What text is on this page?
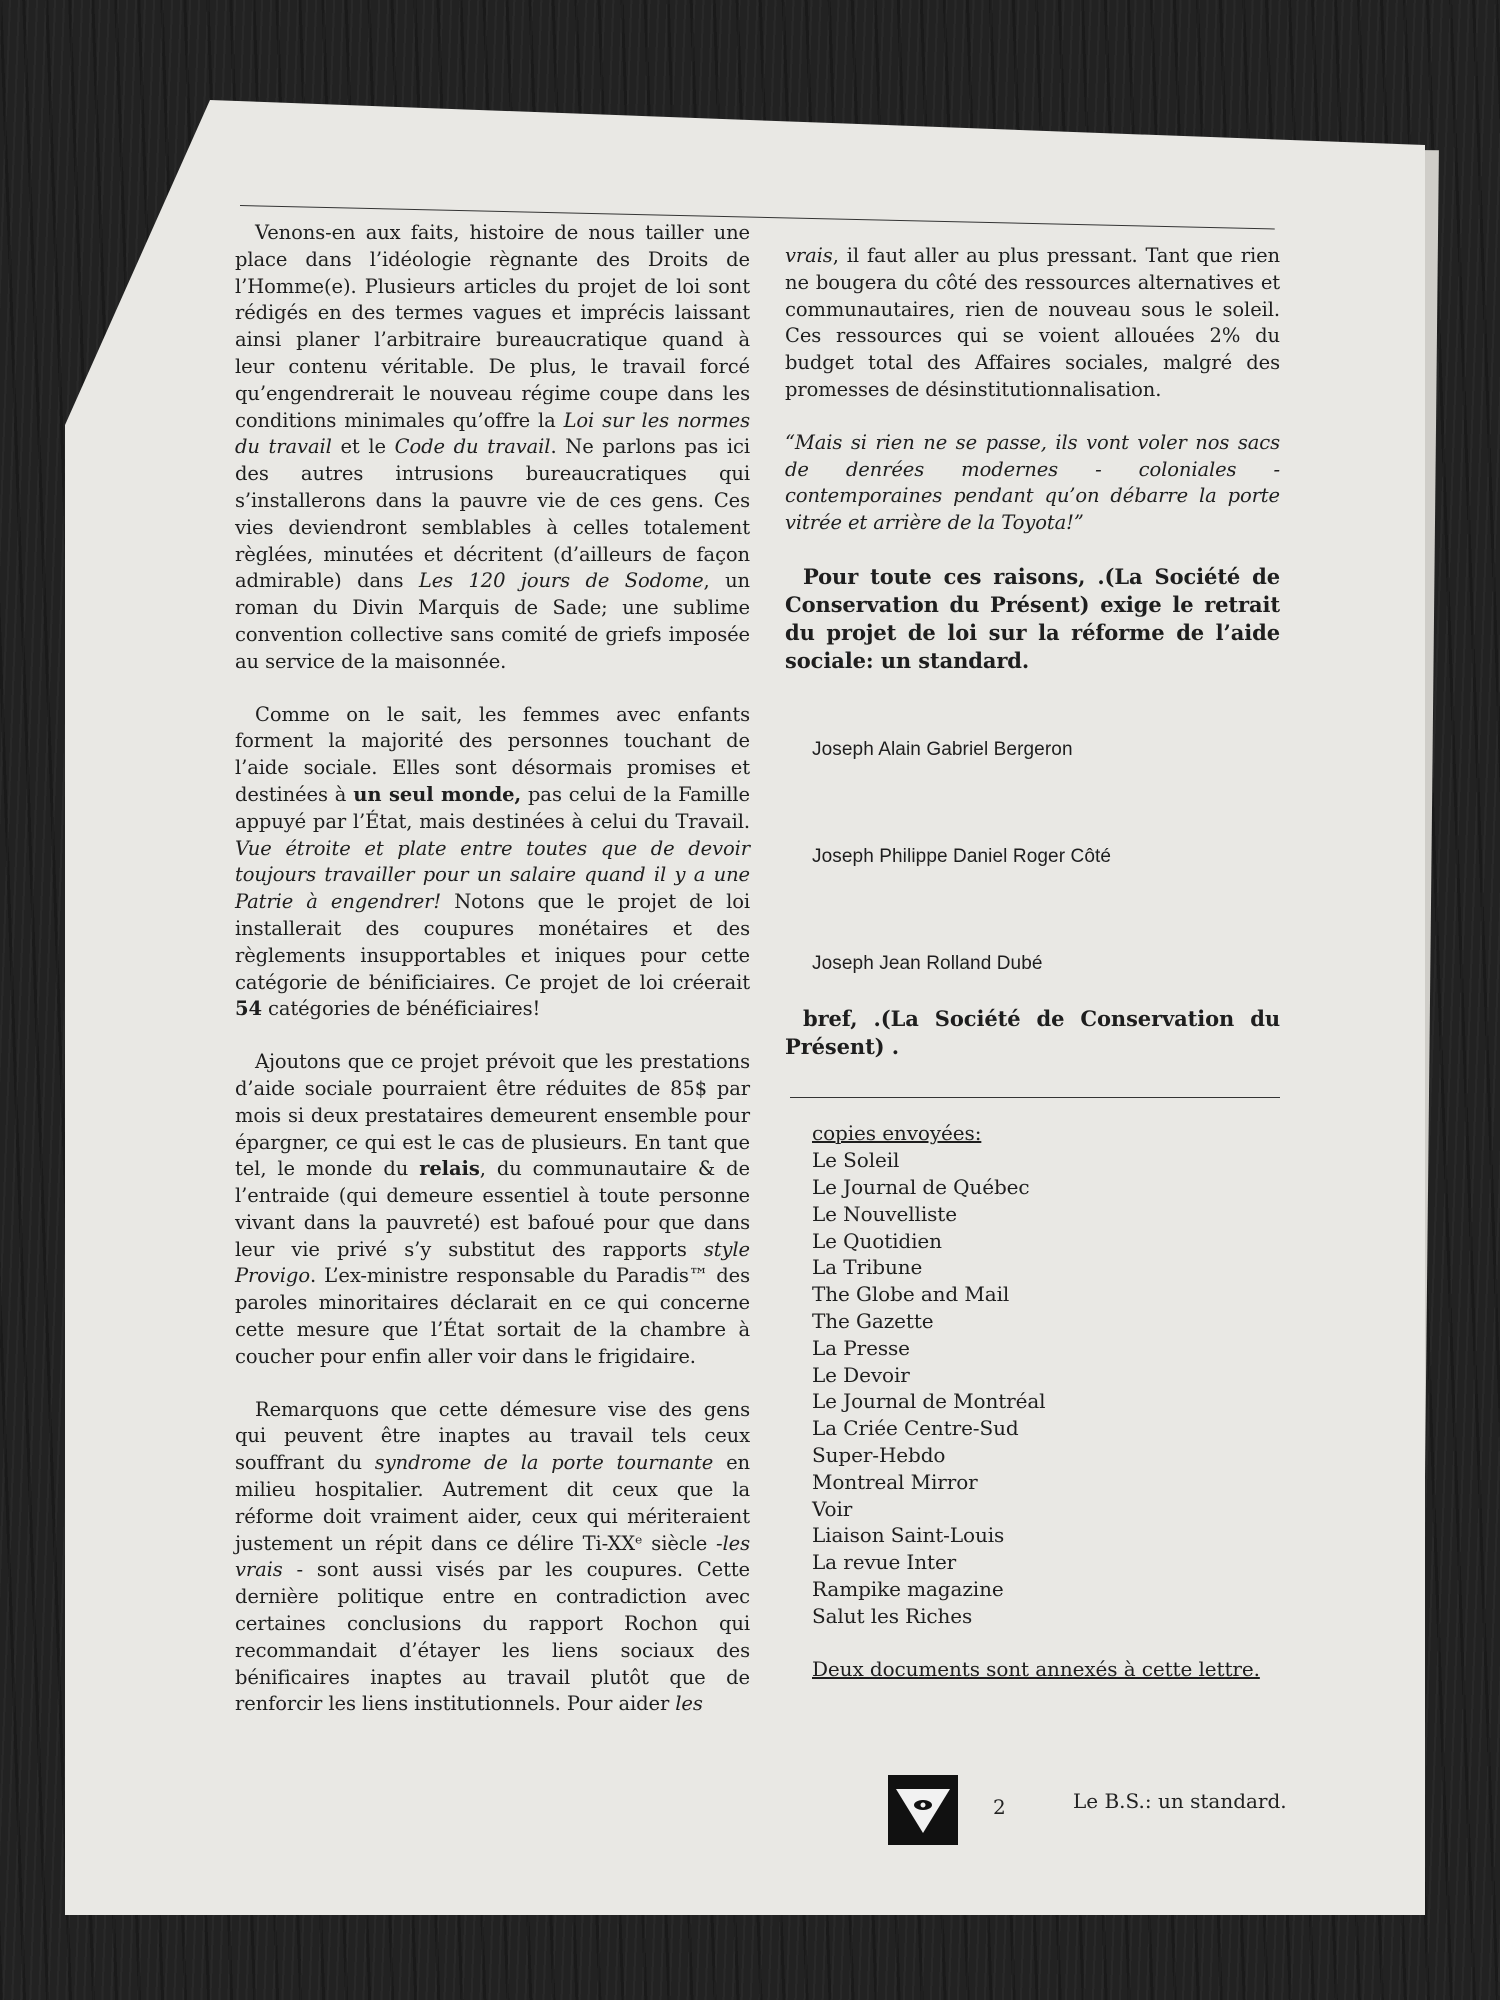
Venons-en aux faits, histoire de nous tailler une place dans l’idéologie règnante des Droits de l’Homme(e). Plusieurs articles du projet de loi sont rédigés en des termes vagues et imprécis laissant ainsi planer l’arbitraire bureaucratique quand à leur contenu véritable. De plus, le travail forcé qu’engendrerait le nouveau régime coupe dans les conditions minimales qu’offre la Loi sur les normes du travail et le Code du travail. Ne parlons pas ici des autres intrusions bureaucratiques qui s’installerons dans la pauvre vie de ces gens. Ces vies deviendront semblables à celles totalement règlées, minutées et décritent (d’ailleurs de façon admirable) dans Les 120 jours de Sodome, un roman du Divin Marquis de Sade; une sublime convention collective sans comité de griefs imposée au service de la maisonnée.

Comme on le sait, les femmes avec enfants forment la majorité des personnes touchant de l’aide sociale. Elles sont désormais promises et destinées à un seul monde, pas celui de la Famille appuyé par l’État, mais destinées à celui du Travail. Vue étroite et plate entre toutes que de devoir toujours travailler pour un salaire quand il y a une Patrie à engendrer! Notons que le projet de loi installerait des coupures monétaires et des règlements insupportables et iniques pour cette catégorie de bénificiaires. Ce projet de loi créerait 54 catégories de bénéficiaires!

Ajoutons que ce projet prévoit que les prestations d’aide sociale pourraient être réduites de 85$ par mois si deux prestataires demeurent ensemble pour épargner, ce qui est le cas de plusieurs. En tant que tel, le monde du relais, du communautaire & de l’entraide (qui demeure essentiel à toute personne vivant dans la pauvreté) est bafoué pour que dans leur vie privé s’y substitut des rapports style Provigo. L’ex-ministre responsable du Paradis™ des paroles minoritaires déclarait en ce qui concerne cette mesure que l’État sortait de la chambre à coucher pour enfin aller voir dans le frigidaire.

Remarquons que cette démesure vise des gens qui peuvent être inaptes au travail tels ceux souffrant du syndrome de la porte tournante en milieu hospitalier. Autrement dit ceux que la réforme doit vraiment aider, ceux qui mériteraient justement un répit dans ce délire Ti-XXᵉ siècle -les vrais - sont aussi visés par les coupures. Cette dernière politique entre en contradiction avec certaines conclusions du rapport Rochon qui recommandait d’étayer les liens sociaux des bénificaires inaptes au travail plutôt que de renforcir les liens institutionnels. Pour aider les

vrais, il faut aller au plus pressant. Tant que rien ne bougera du côté des ressources alternatives et communautaires, rien de nouveau sous le soleil. Ces ressources qui se voient allouées 2% du budget total des Affaires sociales, malgré des promesses de désinstitutionnalisation.

“Mais si rien ne se passe, ils vont voler nos sacs de denrées modernes - coloniales - contemporaines pendant qu’on débarre la porte vitrée et arrière de la Toyota!”
Pour toute ces raisons, .(La Société de Conservation du Présent) exige le retrait du projet de loi sur la réforme de l’aide sociale: un standard.
Joseph Alain Gabriel Bergeron
Joseph Philippe Daniel Roger Côté
Joseph Jean Rolland Dubé
bref, .(La Société de Conservation du Présent) .
copies envoyées:
Le Soleil
Le Journal de Québec
Le Nouvelliste
Le Quotidien
La Tribune
The Globe and Mail
The Gazette
La Presse
Le Devoir
Le Journal de Montréal
La Criée Centre-Sud
Super-Hebdo
Montreal Mirror
Voir
Liaison Saint-Louis
La revue Inter
Rampike magazine
Salut les Riches
Deux documents sont annexés à cette lettre.
2	Le B.S.: un standard.
